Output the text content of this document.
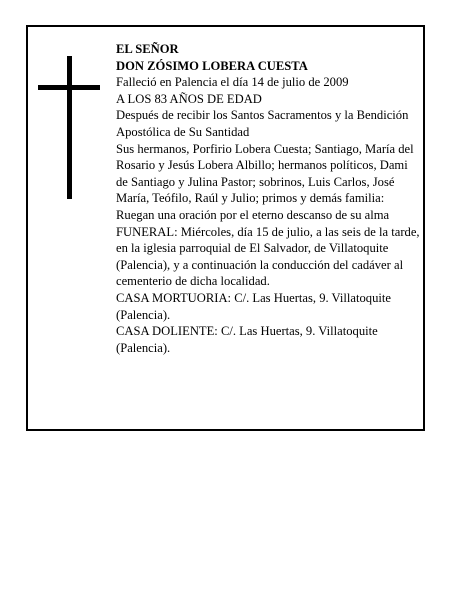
EL SEÑOR

DON ZÓSIMO LOBERA CUESTA

Falleció en Palencia el día 14 de julio de 2009

A LOS 83 AÑOS DE EDAD

Después de recibir los Santos Sacramentos y la Bendición Apostólica de Su Santidad

Sus hermanos, Porfirio Lobera Cuesta; Santiago, María del Rosario y Jesús Lobera Albillo; hermanos políticos, Dami de Santiago y Julina Pastor; sobrinos, Luis Carlos, José María, Teófilo, Raúl y Julio; primos y demás familia:

Ruegan una oración por el eterno descanso de su alma

FUNERAL: Miércoles, día 15 de julio, a las seis de la tarde, en la iglesia parroquial de El Salvador, de Villatoquite (Palencia), y a continuación la conducción del cadáver al cementerio de dicha localidad.

CASA MORTUORIA: C/. Las Huertas, 9. Villatoquite (Palencia).

CASA DOLIENTE: C/. Las Huertas, 9. Villatoquite (Palencia).
